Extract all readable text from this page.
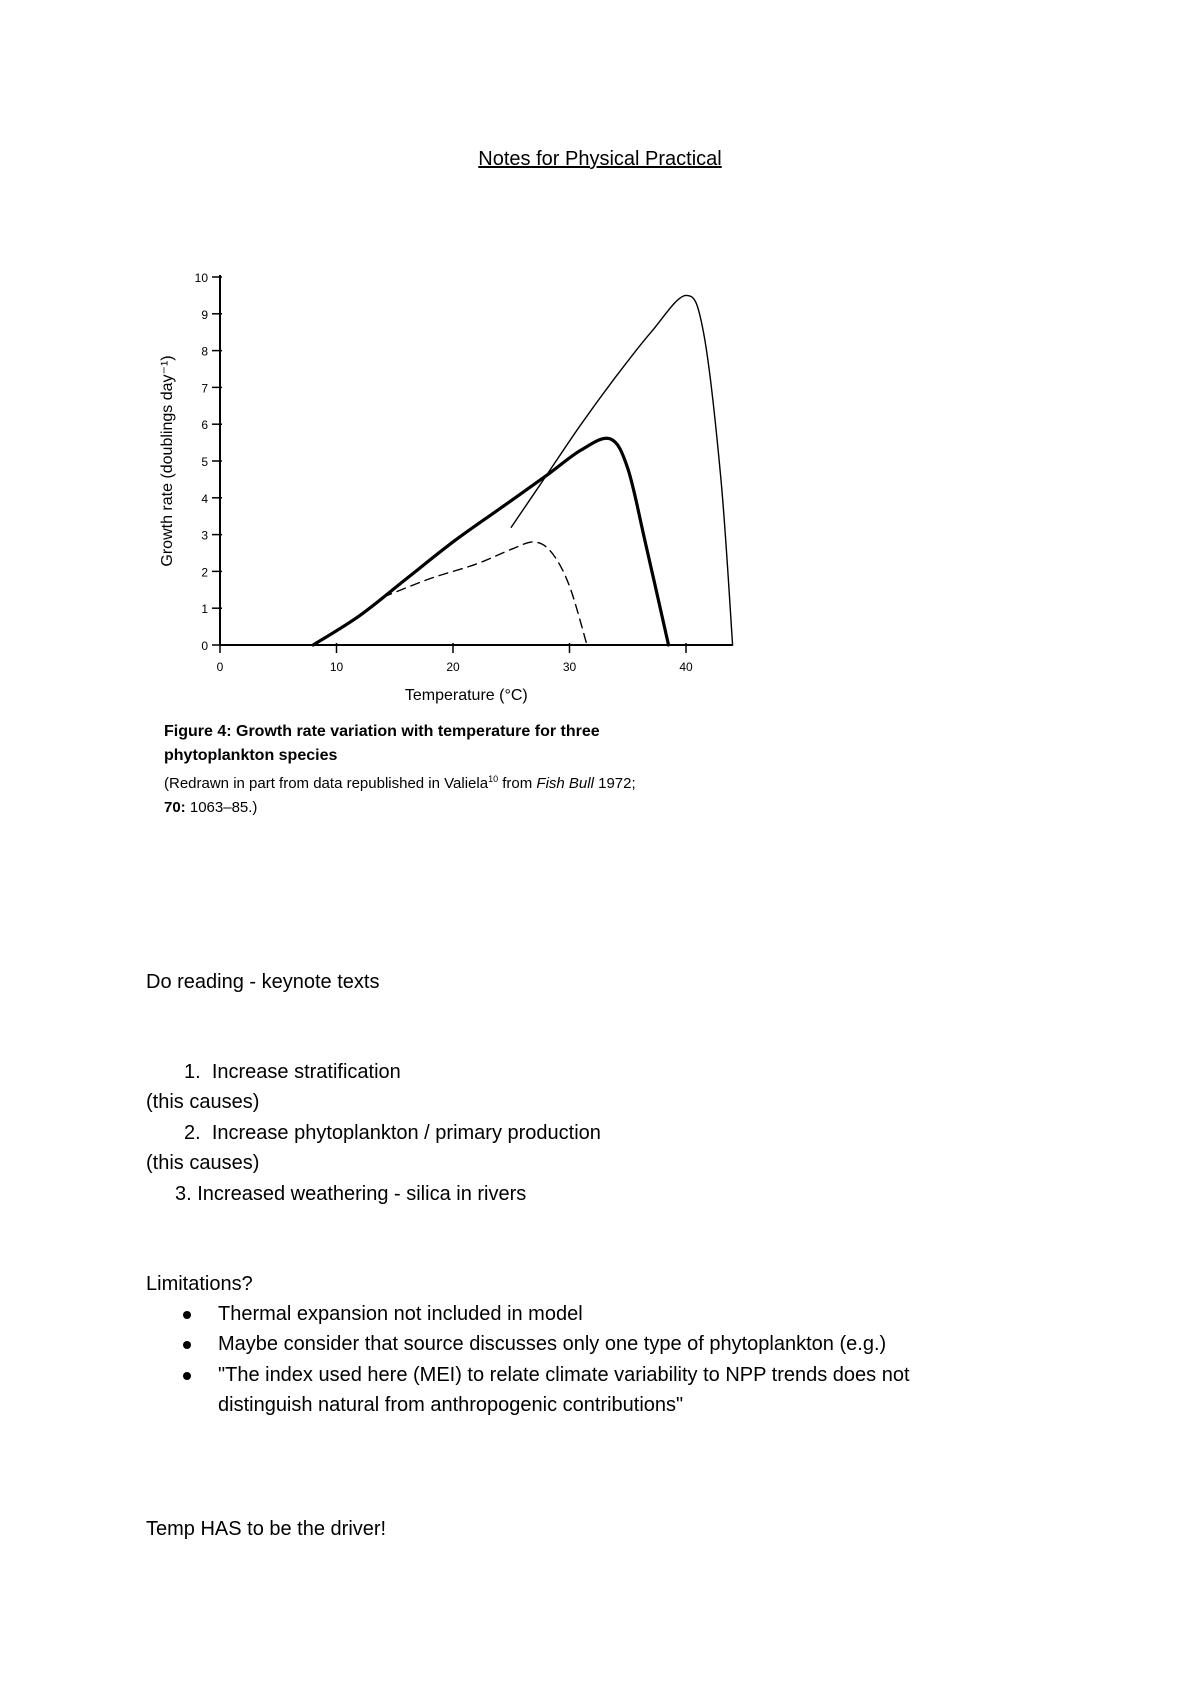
Notes for Physical Practical
0
1
2
3
4
5
6
7
8
9
10
0	10	20	30	40
Temperature (°C)
Growth rate (doublings day⁻¹)
Figure 4: Growth rate variation with temperature for three
phytoplankton species
(Redrawn in part from data republished in Valiela$^{10}$ from Fish Bull 1972;
70: 1063–85.)
Do reading - keynote texts
1. Increase stratification
(this causes)
2. Increase phytoplankton / primary production
(this causes)
3. Increased weathering - silica in rivers
Limitations?
Thermal expansion not included in model
Maybe consider that source discusses only one type of phytoplankton (e.g.)
"The index used here (MEI) to relate climate variability to NPP trends does not
distinguish natural from anthropogenic contributions"
Temp HAS to be the driver!
